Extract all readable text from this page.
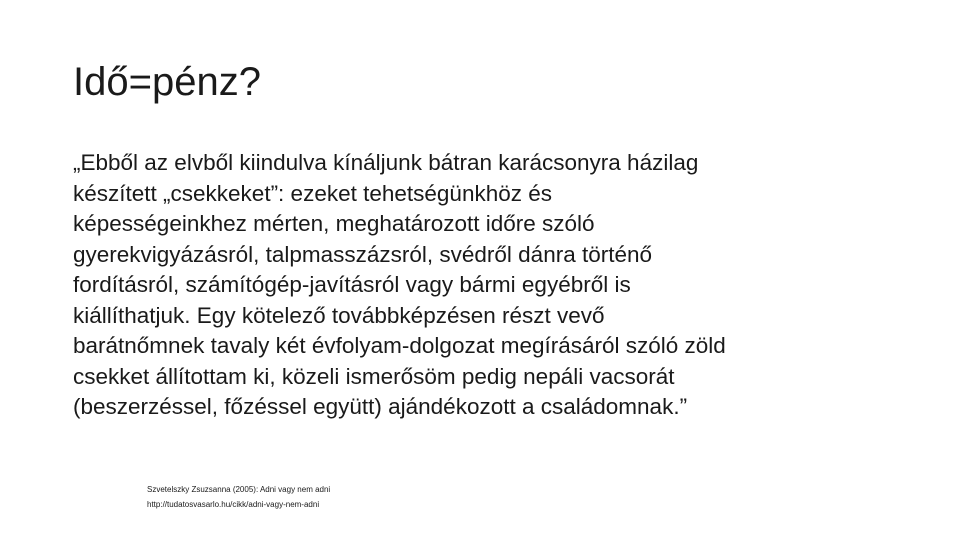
Idő=pénz?
„Ebből az elvből kiindulva kínáljunk bátran karácsonyra házilag
készített „csekkeket”: ezeket tehetségünkhöz és
képességeinkhez mérten, meghatározott időre szóló
gyerekvigyázásról, talpmasszázsról, svédről dánra történő
fordításról, számítógép-javításról vagy bármi egyébről is
kiállíthatjuk. Egy kötelező továbbképzésen részt vevő
barátnőmnek tavaly két évfolyam-dolgozat megírásáról szóló zöld
csekket állítottam ki, közeli ismerősöm pedig nepáli vacsorát
(beszerzéssel, főzéssel együtt) ajándékozott a családomnak.”
Szvetelszky Zsuzsanna (2005): Adni vagy nem adni
http://tudatosvasarlo.hu/cikk/adni-vagy-nem-adni
